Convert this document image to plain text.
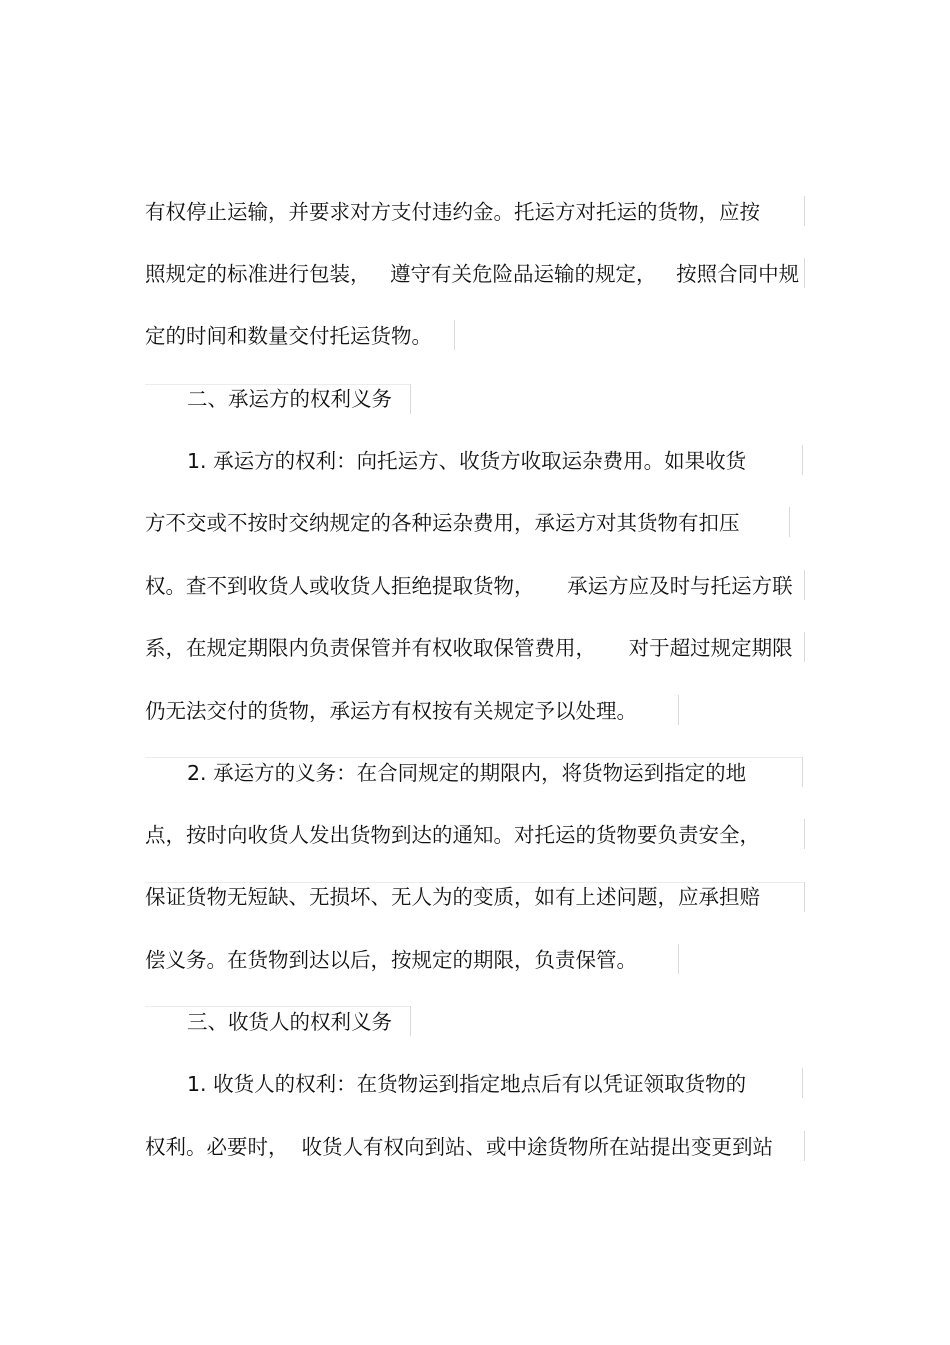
有权停止运输，并要求对方支付违约金。托运方对托运的货物，应按
照规定的标准进行包装，   遵守有关危险品运输的规定，   按照合同中规
定的时间和数量交付托运货物。
二、承运方的权利义务
1. 承运方的权利：向托运方、收货方收取运杂费用。如果收货
方不交或不按时交纳规定的各种运杂费用，承运方对其货物有扣压
权。查不到收货人或收货人拒绝提取货物，     承运方应及时与托运方联
系，在规定期限内负责保管并有权收取保管费用，     对于超过规定期限
仍无法交付的货物，承运方有权按有关规定予以处理。
2. 承运方的义务：在合同规定的期限内，将货物运到指定的地
点，按时向收货人发出货物到达的通知。对托运的货物要负责安全，
保证货物无短缺、无损坏、无人为的变质，如有上述问题，应承担赔
偿义务。在货物到达以后，按规定的期限，负责保管。
三、收货人的权利义务
1. 收货人的权利：在货物运到指定地点后有以凭证领取货物的
权利。必要时，  收货人有权向到站、或中途货物所在站提出变更到站
